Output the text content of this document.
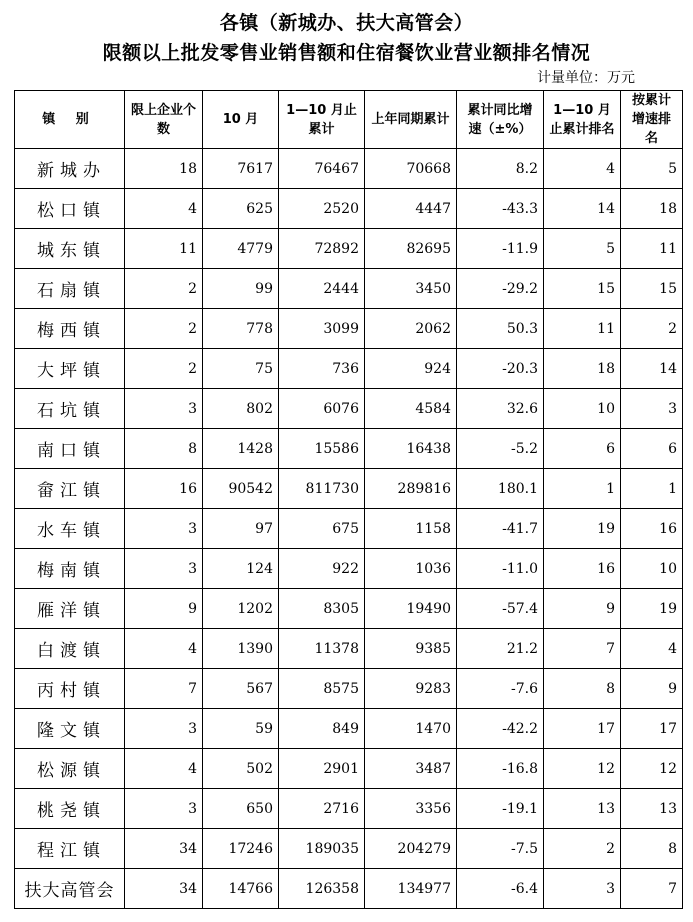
各镇（新城办、扶大高管会）
限额以上批发零售业销售额和住宿餐饮业营业额排名情况
计量单位：万元
镇 别	限上企业个数	10 月	1—10 月止累计	上年同期累计	累计同比增速（±%）	1—10 月止累计排名	按累计增速排名
新城办	18	7617	76467	70668	8.2	4	5
松口镇	4	625	2520	4447	-43.3	14	18
城东镇	11	4779	72892	82695	-11.9	5	11
石扇镇	2	99	2444	3450	-29.2	15	15
梅西镇	2	778	3099	2062	50.3	11	2
大坪镇	2	75	736	924	-20.3	18	14
石坑镇	3	802	6076	4584	32.6	10	3
南口镇	8	1428	15586	16438	-5.2	6	6
畲江镇	16	90542	811730	289816	180.1	1	1
水车镇	3	97	675	1158	-41.7	19	16
梅南镇	3	124	922	1036	-11.0	16	10
雁洋镇	9	1202	8305	19490	-57.4	9	19
白渡镇	4	1390	11378	9385	21.2	7	4
丙村镇	7	567	8575	9283	-7.6	8	9
隆文镇	3	59	849	1470	-42.2	17	17
松源镇	4	502	2901	3487	-16.8	12	12
桃尧镇	3	650	2716	3356	-19.1	13	13
程江镇	34	17246	189035	204279	-7.5	2	8
扶大高管会	34	14766	126358	134977	-6.4	3	7
